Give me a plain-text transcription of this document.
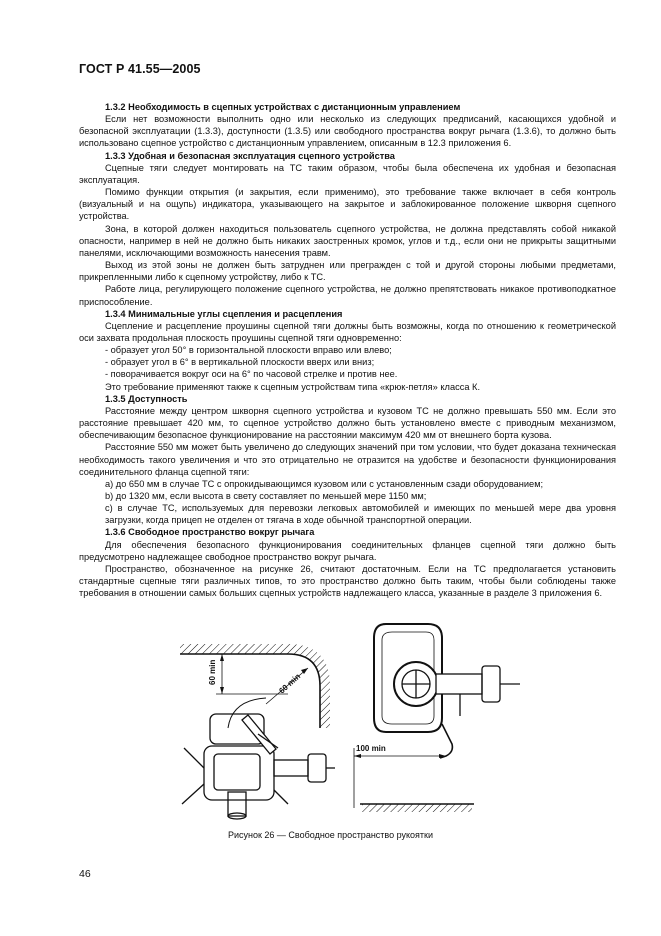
ГОСТ Р 41.55—2005

1.3.2 Необходимость в сцепных устройствах с дистанционным управлением

Если нет возможности выполнить одно или несколько из следующих предписаний, касающихся удобной и безопасной эксплуатации (1.3.3), доступности (1.3.5) или свободного пространства вокруг рычага (1.3.6), то должно быть использовано сцепное устройство с дистанционным управлением, описанным в 12.3 приложения 6.

1.3.3 Удобная и безопасная эксплуатация сцепного устройства

Сцепные тяги следует монтировать на ТС таким образом, чтобы была обеспечена их удобная и безопасная эксплуатация.

Помимо функции открытия (и закрытия, если применимо), это требование также включает в себя контроль (визуальный и на ощупь) индикатора, указывающего на закрытое и заблокированное положение шкворня сцепного устройства.

Зона, в которой должен находиться пользователь сцепного устройства, не должна представлять собой никакой опасности, например в ней не должно быть никаких заостренных кромок, углов и т.д., если они не прикрыты защитными панелями, исключающими возможность нанесения травм.

Выход из этой зоны не должен быть затруднен или прегражден с той и другой стороны любыми предметами, прикрепленными либо к сцепному устройству, либо к ТС.

Работе лица, регулирующего положение сцепного устройства, не должно препятствовать никакое противоподкатное приспособление.

1.3.4 Минимальные углы сцепления и расцепления

Сцепление и расцепление проушины сцепной тяги должны быть возможны, когда по отношению к геометрической оси захвата продольная плоскость проушины сцепной тяги одновременно:

- образует угол 50° в горизонтальной плоскости вправо или влево;

- образует угол в 6° в вертикальной плоскости вверх или вниз;

- поворачивается вокруг оси на 6° по часовой стрелке и против нее.

Это требование применяют также к сцепным устройствам типа «крюк-петля» класса К.

1.3.5 Доступность

Расстояние между центром шкворня сцепного устройства и кузовом ТС не должно превышать 550 мм. Если это расстояние превышает 420 мм, то сцепное устройство должно быть установлено вместе с приводным механизмом, обеспечивающим безопасное функционирование на расстоянии максимум 420 мм от внешнего борта кузова.

Расстояние 550 мм может быть увеличено до следующих значений при том условии, что будет доказана техническая необходимость такого увеличения и что это отрицательно не отразится на удобстве и безопасности функционирования соединительного фланца сцепной тяги:

a) до 650 мм в случае ТС с опрокидывающимся кузовом или с установленным сзади оборудованием;

b) до 1320 мм, если высота в свету составляет по меньшей мере 1150 мм;

c) в случае ТС, используемых для перевозки легковых автомобилей и имеющих по меньшей мере два уровня загрузки, когда прицеп не отделен от тягача в ходе обычной транспортной операции.

1.3.6 Свободное пространство вокруг рычага

Для обеспечения безопасного функционирования соединительных фланцев сцепной тяги должно быть предусмотрено надлежащее свободное пространство вокруг рычага.

Пространство, обозначенное на рисунке 26, считают достаточным. Если на ТС предполагается установить стандартные сцепные тяги различных типов, то это пространство должно быть таким, чтобы были соблюдены также требования в отношении самых больших сцепных устройств надлежащего класса, указанные в разделе 3 приложения 6.

60 min	60 min
100 min
Рисунок 26 — Свободное пространство рукоятки
46
